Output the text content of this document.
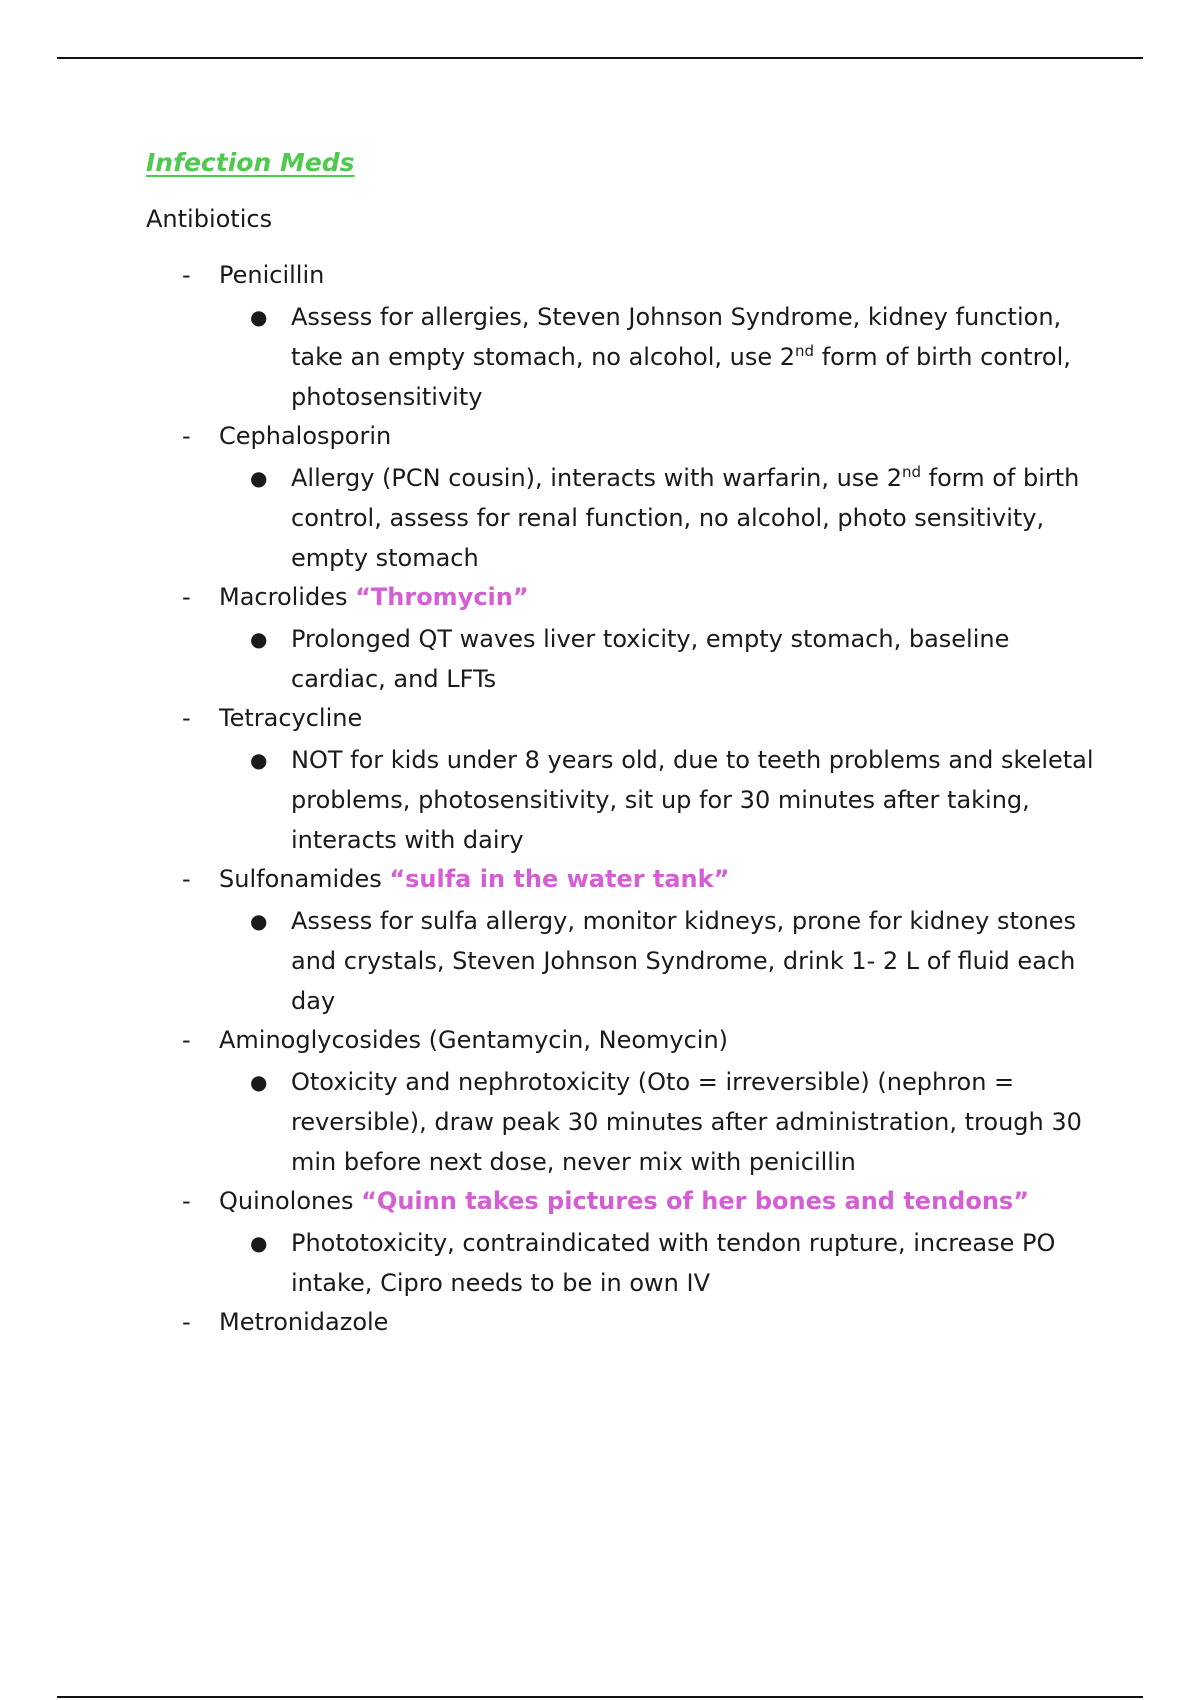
Infection Meds
Antibiotics
- Penicillin
● Assess for allergies, Steven Johnson Syndrome, kidney function, take an empty stomach, no alcohol, use 2nd form of birth control, photosensitivity
- Cephalosporin
● Allergy (PCN cousin), interacts with warfarin, use 2nd form of birth control, assess for renal function, no alcohol, photo sensitivity, empty stomach
- Macrolides “Thromycin”
● Prolonged QT waves liver toxicity, empty stomach, baseline cardiac, and LFTs
- Tetracycline
● NOT for kids under 8 years old, due to teeth problems and skeletal problems, photosensitivity, sit up for 30 minutes after taking, interacts with dairy
- Sulfonamides “sulfa in the water tank”
● Assess for sulfa allergy, monitor kidneys, prone for kidney stones and crystals, Steven Johnson Syndrome, drink 1- 2 L of fluid each day
- Aminoglycosides (Gentamycin, Neomycin)
● Otoxicity and nephrotoxicity (Oto = irreversible) (nephron = reversible), draw peak 30 minutes after administration, trough 30 min before next dose, never mix with penicillin
- Quinolones “Quinn takes pictures of her bones and tendons”
● Phototoxicity, contraindicated with tendon rupture, increase PO intake, Cipro needs to be in own IV
- Metronidazole
